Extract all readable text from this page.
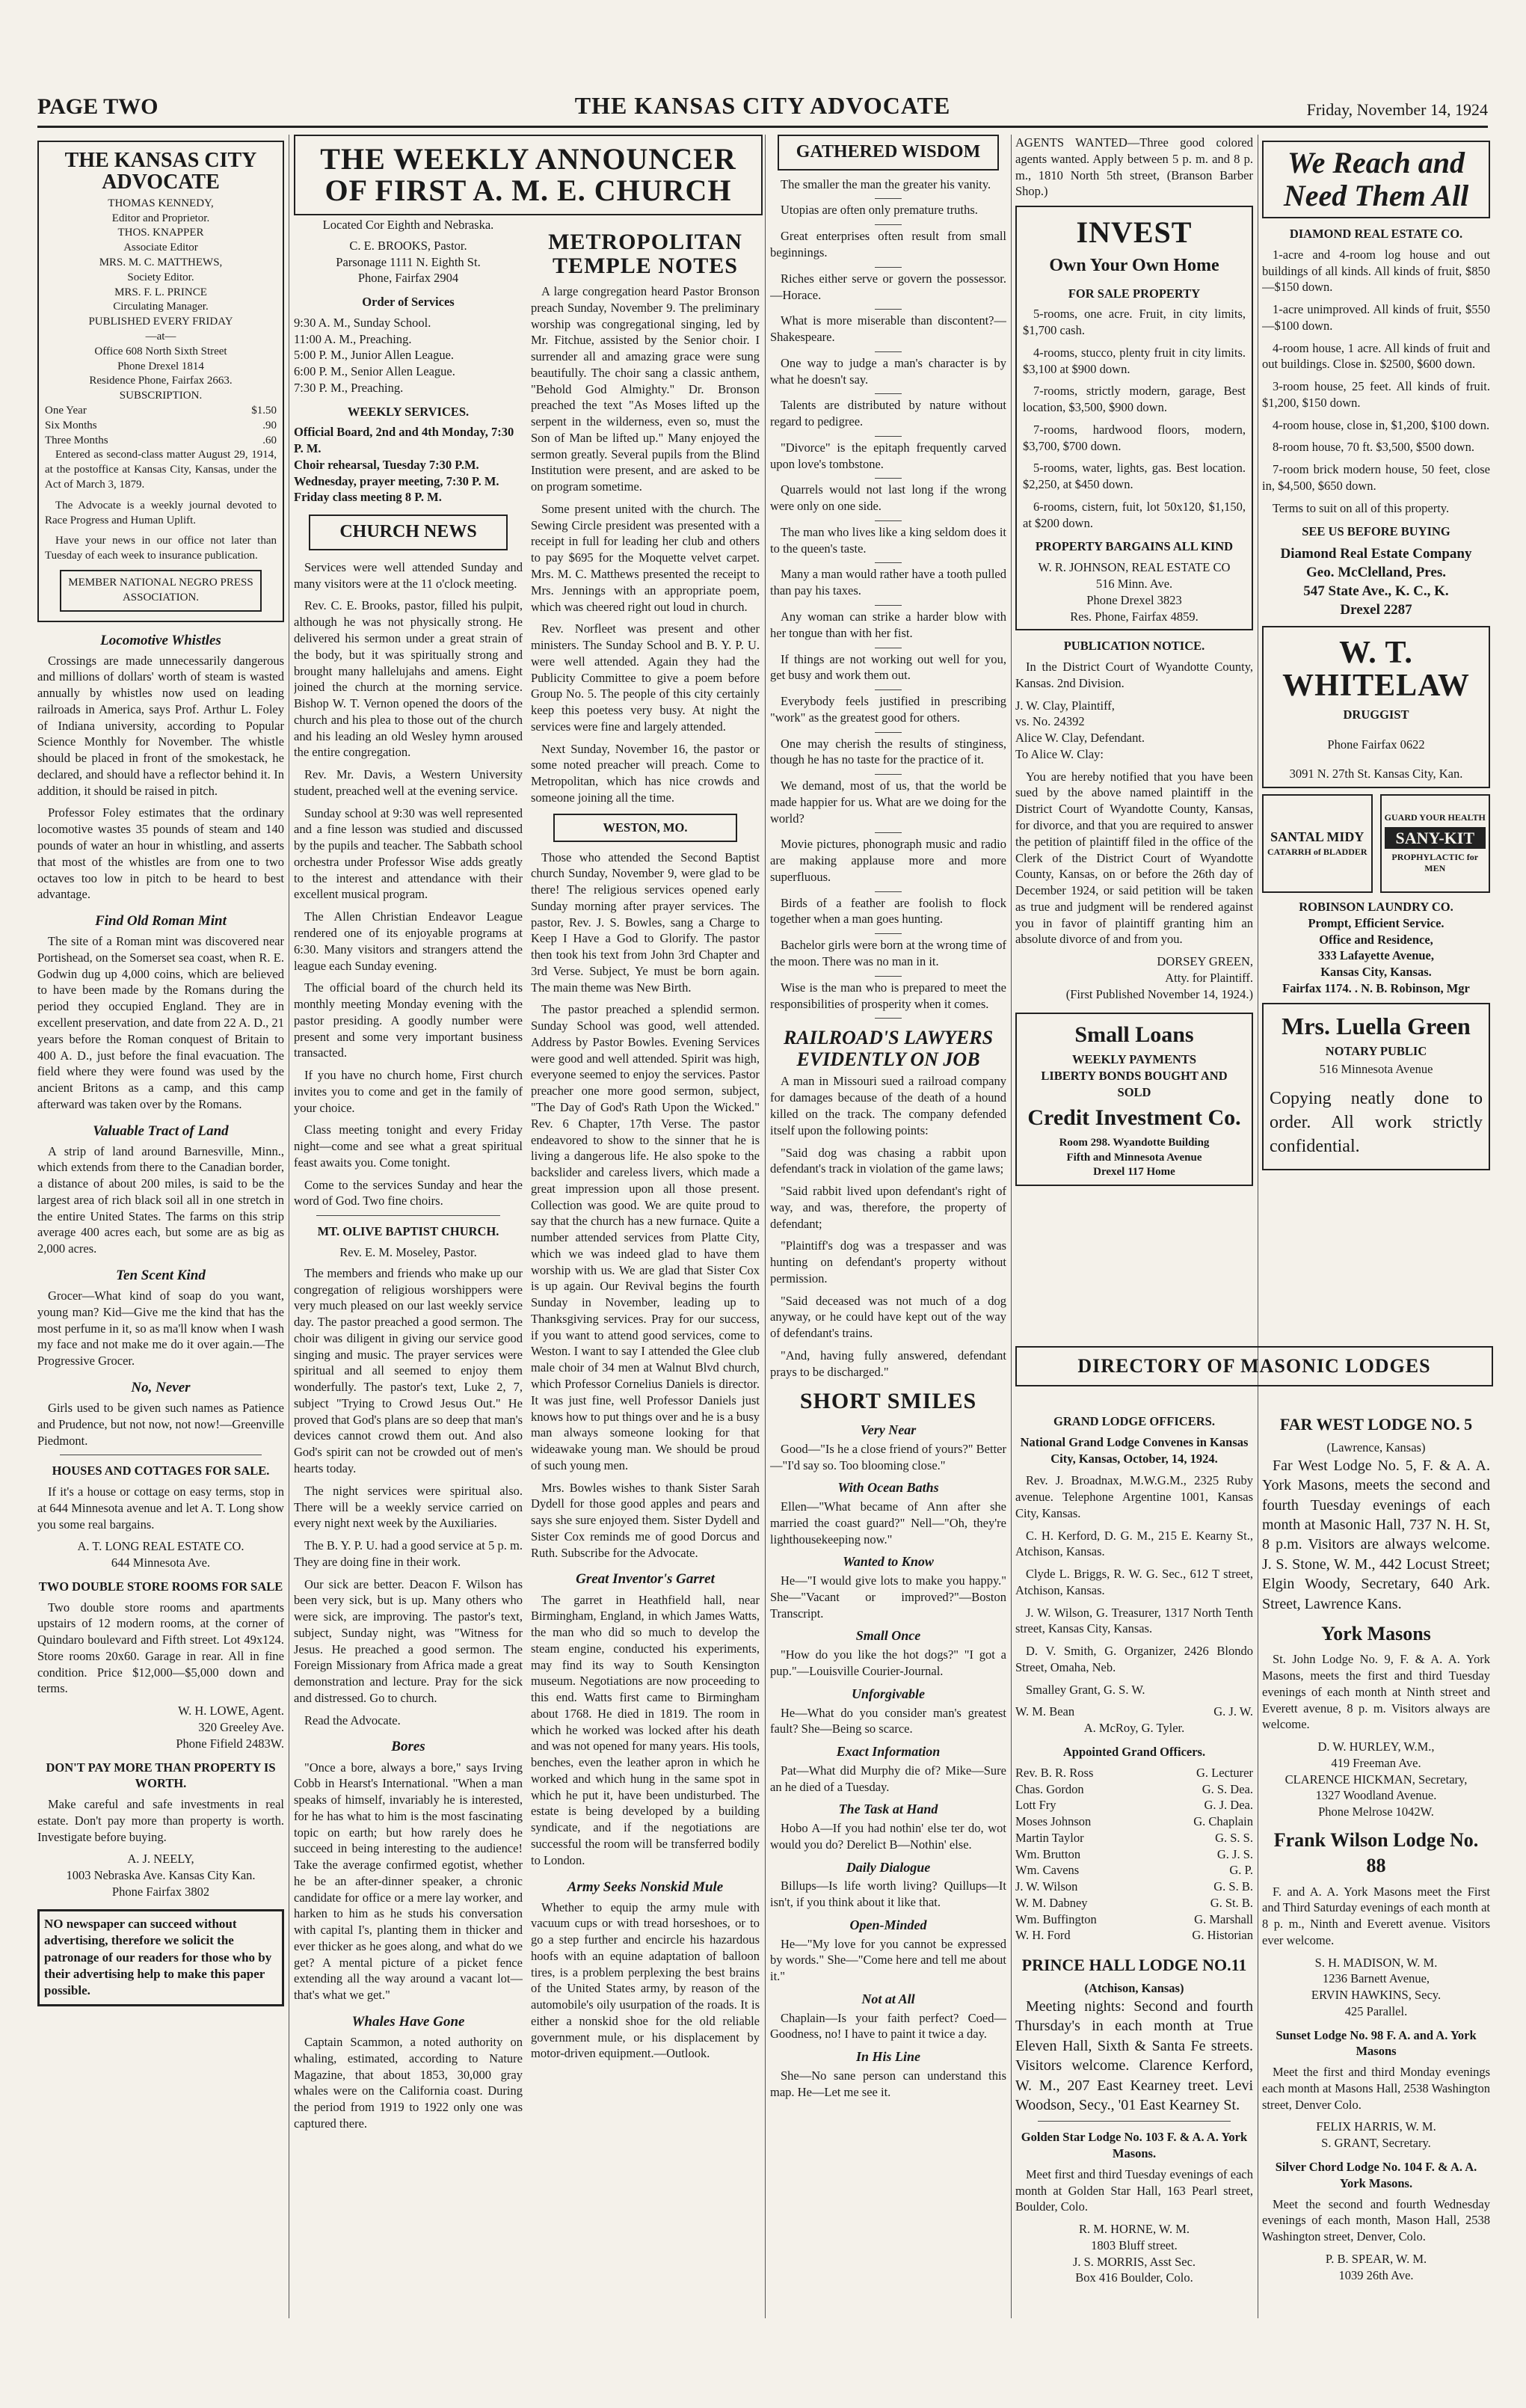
PAGE TWO	THE KANSAS CITY ADVOCATE	Friday, November 14, 1924
THE KANSAS CITY ADVOCATE
THOMAS KENNEDY,
Editor and Proprietor.
THOS. KNAPPER
Associate Editor
MRS. M. C. MATTHEWS,
Society Editor.
MRS. F. L. PRINCE
Circulating Manager.
PUBLISHED EVERY FRIDAY
—at—
Office 608 North Sixth Street
Phone Drexel 1814
Residence Phone, Fairfax 2663.
SUBSCRIPTION.
One Year	$1.50
Six Months	.90
Three Months	.60

Entered as second-class matter August 29, 1914, at the postoffice at Kansas City, Kansas, under the Act of March 3, 1879.

The Advocate is a weekly journal devoted to Race Progress and Human Uplift.

Have your news in our office not later than Tuesday of each week to insurance publication.

MEMBER NATIONAL NEGRO PRESS ASSOCIATION.
Locomotive Whistles

Crossings are made unnecessarily dangerous and millions of dollars' worth of steam is wasted annually by whistles now used on leading railroads in America, says Prof. Arthur L. Foley of Indiana university, according to Popular Science Monthly for November. The whistle should be placed in front of the smokestack, he declared, and should have a reflector behind it. In addition, it should be raised in pitch.

Professor Foley estimates that the ordinary locomotive wastes 35 pounds of steam and 140 pounds of water an hour in whistling, and asserts that most of the whistles are from one to two octaves too low in pitch to be heard to best advantage.

Find Old Roman Mint

The site of a Roman mint was discovered near Portishead, on the Somerset sea coast, when R. E. Godwin dug up 4,000 coins, which are believed to have been made by the Romans during the period they occupied England. They are in excellent preservation, and date from 22 A. D., 21 years before the Roman conquest of Britain to 400 A. D., just before the final evacuation. The field where they were found was used by the ancient Britons as a camp, and this camp afterward was taken over by the Romans.

Valuable Tract of Land

A strip of land around Barnesville, Minn., which extends from there to the Canadian border, a distance of about 200 miles, is said to be the largest area of rich black soil all in one stretch in the entire United States. The farms on this strip average 400 acres each, but some are as big as 2,000 acres.

Ten Scent Kind

Grocer—What kind of soap do you want, young man? Kid—Give me the kind that has the most perfume in it, so as ma'll know when I wash my face and not make me do it over again.—The Progressive Grocer.

No, Never

Girls used to be given such names as Patience and Prudence, but not now, not now!—Greenville Piedmont.

HOUSES AND COTTAGES FOR SALE.

If it's a house or cottage on easy terms, stop in at 644 Minnesota avenue and let A. T. Long show you some real bargains.

A. T. LONG REAL ESTATE CO.
644 Minnesota Ave.
TWO DOUBLE STORE ROOMS FOR SALE

Two double store rooms and apartments upstairs of 12 modern rooms, at the corner of Quindaro boulevard and Fifth street. Lot 49x124. Store rooms 20x60. Garage in rear. All in fine condition. Price $12,000—$5,000 down and terms.

W. H. LOWE, Agent.
320 Greeley Ave.
Phone Fifield 2483W.
DON'T PAY MORE THAN PROPERTY IS WORTH.

Make careful and safe investments in real estate. Don't pay more than property is worth. Investigate before buying.

A. J. NEELY,
1003 Nebraska Ave. Kansas City Kan.
Phone Fairfax 3802
NO newspaper can succeed without advertising, therefore we solicit the patronage of our readers for those who by their advertising help to make this paper possible.
THE WEEKLY ANNOUNCER OF FIRST A. M. E. CHURCH
Located Cor Eighth and Nebraska.
C. E. BROOKS, Pastor.
Parsonage 1111 N. Eighth St.
Phone, Fairfax 2904
Order of Services
9:30 A. M., Sunday School.
11:00 A. M., Preaching.
5:00 P. M., Junior Allen League.
6:00 P. M., Senior Allen League.
7:30 P. M., Preaching.
WEEKLY SERVICES.
Official Board, 2nd and 4th Monday, 7:30 P. M.
Choir rehearsal, Tuesday 7:30 P.M.
Wednesday, prayer meeting, 7:30 P. M. Friday class meeting 8 P. M.
CHURCH NEWS

Services were well attended Sunday and many visitors were at the 11 o'clock meeting.

Rev. C. E. Brooks, pastor, filled his pulpit, although he was not physically strong. He delivered his sermon under a great strain of the body, but it was spiritually strong and brought many hallelujahs and amens. Eight joined the church at the morning service. Bishop W. T. Vernon opened the doors of the church and his plea to those out of the church and his leading an old Wesley hymn aroused the entire congregation.

Rev. Mr. Davis, a Western University student, preached well at the evening service.

Sunday school at 9:30 was well represented and a fine lesson was studied and discussed by the pupils and teacher. The Sabbath school orchestra under Professor Wise adds greatly to the interest and attendance with their excellent musical program.

The Allen Christian Endeavor League rendered one of its enjoyable programs at 6:30. Many visitors and strangers attend the league each Sunday evening.

The official board of the church held its monthly meeting Monday evening with the pastor presiding. A goodly number were present and some very important business transacted.

If you have no church home, First church invites you to come and get in the family of your choice.

Class meeting tonight and every Friday night—come and see what a great spiritual feast awaits you. Come tonight.

Come to the services Sunday and hear the word of God. Two fine choirs.

MT. OLIVE BAPTIST CHURCH.
Rev. E. M. Moseley, Pastor.

The members and friends who make up our congregation of religious worshippers were very much pleased on our last weekly service day. The pastor preached a good sermon. The choir was diligent in giving our service good singing and music. The prayer services were spiritual and all seemed to enjoy them wonderfully. The pastor's text, Luke 2, 7, subject "Trying to Crowd Jesus Out." He proved that God's plans are so deep that man's devices cannot crowd them out. And also God's spirit can not be crowded out of men's hearts today.

The night services were spiritual also. There will be a weekly service carried on every night next week by the Auxiliaries.

The B. Y. P. U. had a good service at 5 p. m. They are doing fine in their work.

Our sick are better. Deacon F. Wilson has been very sick, but is up. Many others who were sick, are improving. The pastor's text, subject, Sunday night, was "Witness for Jesus. He preached a good sermon. The Foreign Missionary from Africa made a great demonstration and lecture. Pray for the sick and distressed. Go to church.

Read the Advocate.

Bores

"Once a bore, always a bore," says Irving Cobb in Hearst's International. "When a man speaks of himself, invariably he is interested, for he has what to him is the most fascinating topic on earth; but how rarely does he succeed in being interesting to the audience! Take the average confirmed egotist, whether he be an after-dinner speaker, a chronic candidate for office or a mere lay worker, and harken to him as he studs his conversation with capital I's, planting them in thicker and ever thicker as he goes along, and what do we get? A mental picture of a picket fence extending all the way around a vacant lot—that's what we get."

Whales Have Gone

Captain Scammon, a noted authority on whaling, estimated, according to Nature Magazine, that about 1853, 30,000 gray whales were on the California coast. During the period from 1919 to 1922 only one was captured there.

METROPOLITAN TEMPLE NOTES

A large congregation heard Pastor Bronson preach Sunday, November 9. The preliminary worship was congregational singing, led by Mr. Fitchue, assisted by the Senior choir. I surrender all and amazing grace were sung beautifully. The choir sang a classic anthem, "Behold God Almighty." Dr. Bronson preached the text "As Moses lifted up the serpent in the wilderness, even so, must the Son of Man be lifted up." Many enjoyed the sermon greatly. Several pupils from the Blind Institution were present, and are asked to be on program sometime.

Some present united with the church. The Sewing Circle president was presented with a receipt in full for leading her club and others to pay $695 for the Moquette velvet carpet. Mrs. M. C. Matthews presented the receipt to Mrs. Jennings with an appropriate poem, which was cheered right out loud in church.

Rev. Norfleet was present and other ministers. The Sunday School and B. Y. P. U. were well attended. Again they had the Publicity Committee to give a poem before Group No. 5. The people of this city certainly keep this poetess very busy. At night the services were fine and largely attended.

Next Sunday, November 16, the pastor or some noted preacher will preach. Come to Metropolitan, which has nice crowds and someone joining all the time.

WESTON, MO.

Those who attended the Second Baptist church Sunday, November 9, were glad to be there! The religious services opened early Sunday morning after prayer services. The pastor, Rev. J. S. Bowles, sang a Charge to Keep I Have a God to Glorify. The pastor then took his text from John 3rd Chapter and 3rd Verse. Subject, Ye must be born again. The main theme was New Birth.

The pastor preached a splendid sermon. Sunday School was good, well attended. Address by Pastor Bowles. Evening Services were good and well attended. Spirit was high, everyone seemed to enjoy the services. Pastor preacher one more good sermon, subject, "The Day of God's Rath Upon the Wicked." Rev. 6 Chapter, 17th Verse. The pastor endeavored to show to the sinner that he is living a dangerous life. He also spoke to the backslider and careless livers, which made a great impression upon all those present. Collection was good. We are quite proud to say that the church has a new furnace. Quite a number attended services from Platte City, which we was indeed glad to have them worship with us. We are glad that Sister Cox is up again. Our Revival begins the fourth Sunday in November, leading up to Thanksgiving services. Pray for our success, if you want to attend good services, come to Weston. I want to say I attended the Glee club male choir of 34 men at Walnut Blvd church, which Professor Cornelius Daniels is director. It was just fine, well Professor Daniels just knows how to put things over and he is a busy man always someone looking for that wideawake young man. We should be proud of such young men.

Mrs. Bowles wishes to thank Sister Sarah Dydell for those good apples and pears and says she sure enjoyed them. Sister Dydell and Sister Cox reminds me of good Dorcus and Ruth. Subscribe for the Advocate.

Great Inventor's Garret

The garret in Heathfield hall, near Birmingham, England, in which James Watts, the man who did so much to develop the steam engine, conducted his experiments, may find its way to South Kensington museum. Negotiations are now proceeding to this end. Watts first came to Birmingham about 1768. He died in 1819. The room in which he worked was locked after his death and was not opened for many years. His tools, benches, even the leather apron in which he worked and which hung in the same spot in which he put it, have been undisturbed. The estate is being developed by a building syndicate, and if the negotiations are successful the room will be transferred bodily to London.

Army Seeks Nonskid Mule

Whether to equip the army mule with vacuum cups or with tread horseshoes, or to go a step further and encircle his hazardous hoofs with an equine adaptation of balloon tires, is a problem perplexing the best brains of the United States army, by reason of the automobile's oily usurpation of the roads. It is either a nonskid shoe for the old reliable government mule, or his displacement by motor-driven equipment.—Outlook.

GATHERED WISDOM

The smaller the man the greater his vanity.

Utopias are often only premature truths.

Great enterprises often result from small beginnings.

Riches either serve or govern the possessor.—Horace.

What is more miserable than discontent?—Shakespeare.

One way to judge a man's character is by what he doesn't say.

Talents are distributed by nature without regard to pedigree.

"Divorce" is the epitaph frequently carved upon love's tombstone.

Quarrels would not last long if the wrong were only on one side.

The man who lives like a king seldom does it to the queen's taste.

Many a man would rather have a tooth pulled than pay his taxes.

Any woman can strike a harder blow with her tongue than with her fist.

If things are not working out well for you, get busy and work them out.

Everybody feels justified in prescribing "work" as the greatest good for others.

One may cherish the results of stinginess, though he has no taste for the practice of it.

We demand, most of us, that the world be made happier for us. What are we doing for the world?

Movie pictures, phonograph music and radio are making applause more and more superfluous.

Birds of a feather are foolish to flock together when a man goes hunting.

Bachelor girls were born at the wrong time of the moon. There was no man in it.

Wise is the man who is prepared to meet the responsibilities of prosperity when it comes.

RAILROAD'S LAWYERS EVIDENTLY ON JOB

A man in Missouri sued a railroad company for damages because of the death of a hound killed on the track. The company defended itself upon the following points:

"Said dog was chasing a rabbit upon defendant's track in violation of the game laws;

"Said rabbit lived upon defendant's right of way, and was, therefore, the property of defendant;

"Plaintiff's dog was a trespasser and was hunting on defendant's property without permission.

"Said deceased was not much of a dog anyway, or he could have kept out of the way of defendant's trains.

"And, having fully answered, defendant prays to be discharged."

SHORT SMILES
Very Near

Good—"Is he a close friend of yours?" Better—"I'd say so. Too blooming close."

With Ocean Baths

Ellen—"What became of Ann after she married the coast guard?" Nell—"Oh, they're lighthousekeeping now."

Wanted to Know

He—"I would give lots to make you happy." She—"Vacant or improved?"—Boston Transcript.

Small Once

"How do you like the hot dogs?" "I got a pup."—Louisville Courier-Journal.

Unforgivable

He—What do you consider man's greatest fault? She—Being so scarce.

Exact Information

Pat—What did Murphy die of? Mike—Sure an he died of a Tuesday.

The Task at Hand

Hobo A—If you had nothin' else ter do, wot would you do? Derelict B—Nothin' else.

Daily Dialogue

Billups—Is life worth living? Quillups—It isn't, if you think about it like that.

Open-Minded

He—"My love for you cannot be expressed by words." She—"Come here and tell me about it."

Not at All

Chaplain—Is your faith perfect? Coed—Goodness, no! I have to paint it twice a day.

In His Line

She—No sane person can understand this map. He—Let me see it.

AGENTS WANTED—Three good colored agents wanted. Apply between 5 p. m. and 8 p. m., 1810 North 5th street, (Branson Barber Shop.)

INVEST
Own Your Own Home
FOR SALE PROPERTY

5-rooms, one acre. Fruit, in city limits, $1,700 cash.

4-rooms, stucco, plenty fruit in city limits. $3,100 at $900 down.

7-rooms, strictly modern, garage, Best location, $3,500, $900 down.

7-rooms, hardwood floors, modern, $3,700, $700 down.

5-rooms, water, lights, gas. Best location. $2,250, at $450 down.

6-rooms, cistern, fuit, lot 50x120, $1,150, at $200 down.

PROPERTY BARGAINS ALL KIND
W. R. JOHNSON, REAL ESTATE CO
516 Minn. Ave.
Phone Drexel 3823
Res. Phone, Fairfax 4859.
PUBLICATION NOTICE.

In the District Court of Wyandotte County, Kansas. 2nd Division.

J. W. Clay, Plaintiff,
vs. No. 24392
Alice W. Clay, Defendant.

To Alice W. Clay:

You are hereby notified that you have been sued by the above named plaintiff in the District Court of Wyandotte County, Kansas, for divorce, and that you are required to answer the petition of plaintiff filed in the office of the Clerk of the District Court of Wyandotte County, Kansas, on or before the 26th day of December 1924, or said petition will be taken as true and judgment will be rendered against you in favor of plaintiff granting him an absolute divorce of and from you.

DORSEY GREEN,
Atty. for Plaintiff.
(First Published November 14, 1924.)
Small Loans
WEEKLY PAYMENTS
LIBERTY BONDS BOUGHT AND SOLD
Credit Investment Co.
Room 298. Wyandotte Building
Fifth and Minnesota Avenue
Drexel 117 Home
We Reach and Need Them All
DIAMOND REAL ESTATE CO.

1-acre and 4-room log house and out buildings of all kinds. All kinds of fruit, $850—$150 down.

1-acre unimproved. All kinds of fruit, $550—$100 down.

4-room house, 1 acre. All kinds of fruit and out buildings. Close in. $2500, $600 down.

3-room house, 25 feet. All kinds of fruit. $1,200, $150 down.

4-room house, close in, $1,200, $100 down.

8-room house, 70 ft. $3,500, $500 down.

7-room brick modern house, 50 feet, close in, $4,500, $650 down.

Terms to suit on all of this property.

SEE US BEFORE BUYING
Diamond Real Estate Company
Geo. McClelland, Pres.
547 State Ave., K. C., K.
Drexel 2287
W. T. WHITELAW
DRUGGIST
Phone Fairfax 0622
3091 N. 27th St. Kansas City, Kan.
SANTAL MIDY
CATARRH of BLADDER
GUARD YOUR HEALTH
SANY-KIT
PROPHYLACTIC for MEN
ROBINSON LAUNDRY CO.
Prompt, Efficient Service.
Office and Residence,
333 Lafayette Avenue,
Kansas City, Kansas.
Fairfax 1174. . N. B. Robinson, Mgr
Mrs. Luella Green
NOTARY PUBLIC
516 Minnesota Avenue

Copying neatly done to order. All work strictly confidential.

DIRECTORY OF MASONIC LODGES
GRAND LODGE OFFICERS.

National Grand Lodge Convenes in Kansas City, Kansas, October, 14, 1924.

Rev. J. Broadnax, M.W.G.M., 2325 Ruby avenue. Telephone Argentine 1001, Kansas City, Kansas.

C. H. Kerford, D. G. M., 215 E. Kearny St., Atchison, Kansas.

Clyde L. Briggs, R. W. G. Sec., 612 T street, Atchison, Kansas.

J. W. Wilson, G. Treasurer, 1317 North Tenth street, Kansas City, Kansas.

D. V. Smith, G. Organizer, 2426 Blondo Street, Omaha, Neb.

Smalley Grant, G. S. W.

W. M. Bean	G. J. W.

A. McRoy, G. Tyler.

Appointed Grand Officers.
Rev. B. R. Ross	G. Lecturer
Chas. Gordon	G. S. Dea.
Lott Fry	G. J. Dea.
Moses Johnson	G. Chaplain
Martin Taylor	G. S. S.
Wm. Brutton	G. J. S.
Wm. Cavens	G. P.
J. W. Wilson	G. S. B.
W. M. Dabney	G. St. B.
Wm. Buffington	G. Marshall
W. H. Ford	G. Historian
PRINCE HALL LODGE NO.11
(Atchison, Kansas)

Meeting nights: Second and fourth Thursday's in each month at True Eleven Hall, Sixth & Santa Fe streets. Visitors welcome. Clarence Kerford, W. M., 207 East Kearney treet. Levi Woodson, Secy., '01 East Kearney St.

Golden Star Lodge No. 103 F. & A. A. York Masons.

Meet first and third Tuesday evenings of each month at Golden Star Hall, 163 Pearl street, Boulder, Colo.

R. M. HORNE, W. M.
1803 Bluff street.
J. S. MORRIS, Asst Sec.
Box 416 Boulder, Colo.
FAR WEST LODGE NO. 5
(Lawrence, Kansas)

Far West Lodge No. 5, F. & A. A. York Masons, meets the second and fourth Tuesday evenings of each month at Masonic Hall, 737 N. H. St, 8 p.m. Visitors are always welcome. J. S. Stone, W. M., 442 Locust Street; Elgin Woody, Secretary, 640 Ark. Street, Lawrence Kans.

York Masons

St. John Lodge No. 9, F. & A. A. York Masons, meets the first and third Tuesday evenings of each month at Ninth street and Everett avenue, 8 p. m. Visitors always are welcome.

D. W. HURLEY, W.M.,
419 Freeman Ave.
CLARENCE HICKMAN, Secretary,
1327 Woodland Avenue.
Phone Melrose 1042W.
Frank Wilson Lodge No. 88

F. and A. A. York Masons meet the First and Third Saturday evenings of each month at 8 p. m., Ninth and Everett avenue. Visitors ever welcome.

S. H. MADISON, W. M.
1236 Barnett Avenue,
ERVIN HAWKINS, Secy.
425 Parallel.
Sunset Lodge No. 98 F. A. and A. York Masons

Meet the first and third Monday evenings each month at Masons Hall, 2538 Washington street, Denver Colo.

FELIX HARRIS, W. M.
S. GRANT, Secretary.
Silver Chord Lodge No. 104 F. & A. A. York Masons.

Meet the second and fourth Wednesday evenings of each month, Mason Hall, 2538 Washington street, Denver, Colo.

P. B. SPEAR, W. M.
1039 26th Ave.
